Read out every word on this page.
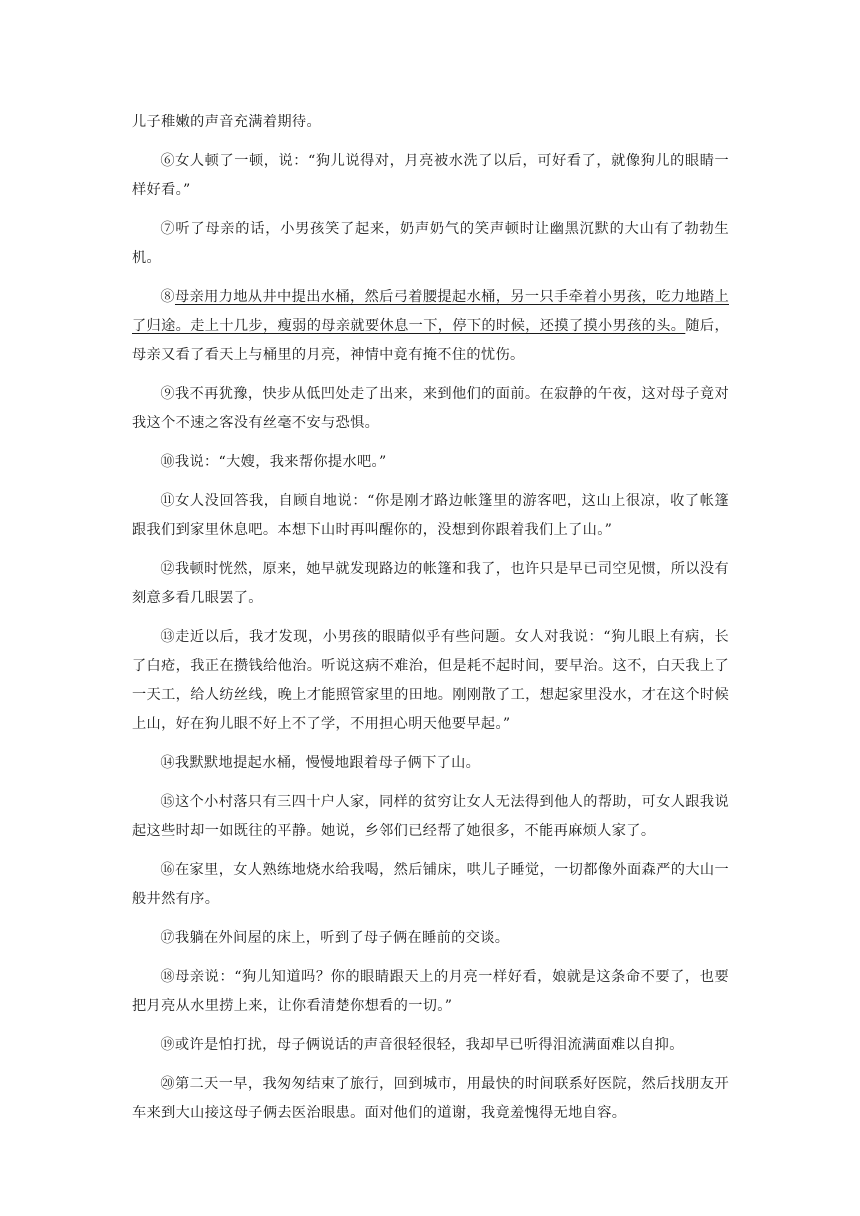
儿子稚嫩的声音充满着期待。

⑥女人顿了一顿，说：“狗儿说得对，月亮被水洗了以后，可好看了，就像狗儿的眼睛一样好看。”

⑦听了母亲的话，小男孩笑了起来，奶声奶气的笑声顿时让幽黑沉默的大山有了勃勃生机。

⑧母亲用力地从井中提出水桶，然后弓着腰提起水桶，另一只手牵着小男孩，吃力地踏上了归途。走上十几步，瘦弱的母亲就要休息一下，停下的时候，还摸了摸小男孩的头。随后，母亲又看了看天上与桶里的月亮，神情中竟有掩不住的忧伤。

⑨我不再犹豫，快步从低凹处走了出来，来到他们的面前。在寂静的午夜，这对母子竟对我这个不速之客没有丝毫不安与恐惧。

⑩我说：“大嫂，我来帮你提水吧。”

⑪女人没回答我，自顾自地说：“你是刚才路边帐篷里的游客吧，这山上很凉，收了帐篷跟我们到家里休息吧。本想下山时再叫醒你的，没想到你跟着我们上了山。”

⑫我顿时恍然，原来，她早就发现路边的帐篷和我了，也许只是早已司空见惯，所以没有刻意多看几眼罢了。

⑬走近以后，我才发现，小男孩的眼睛似乎有些问题。女人对我说：“狗儿眼上有病，长了白疮，我正在攒钱给他治。听说这病不难治，但是耗不起时间，要早治。这不，白天我上了一天工，给人纺丝线，晚上才能照管家里的田地。刚刚散了工，想起家里没水，才在这个时候上山，好在狗儿眼不好上不了学，不用担心明天他要早起。”

⑭我默默地提起水桶，慢慢地跟着母子俩下了山。

⑮这个小村落只有三四十户人家，同样的贫穷让女人无法得到他人的帮助，可女人跟我说起这些时却一如既往的平静。她说，乡邻们已经帮了她很多，不能再麻烦人家了。

⑯在家里，女人熟练地烧水给我喝，然后铺床，哄儿子睡觉，一切都像外面森严的大山一般井然有序。

⑰我躺在外间屋的床上，听到了母子俩在睡前的交谈。

⑱母亲说：“狗儿知道吗？你的眼睛跟天上的月亮一样好看，娘就是这条命不要了，也要把月亮从水里捞上来，让你看清楚你想看的一切。”

⑲或许是怕打扰，母子俩说话的声音很轻很轻，我却早已听得泪流满面难以自抑。

⑳第二天一早，我匆匆结束了旅行，回到城市，用最快的时间联系好医院，然后找朋友开车来到大山接这母子俩去医治眼患。面对他们的道谢，我竟羞愧得无地自容。
